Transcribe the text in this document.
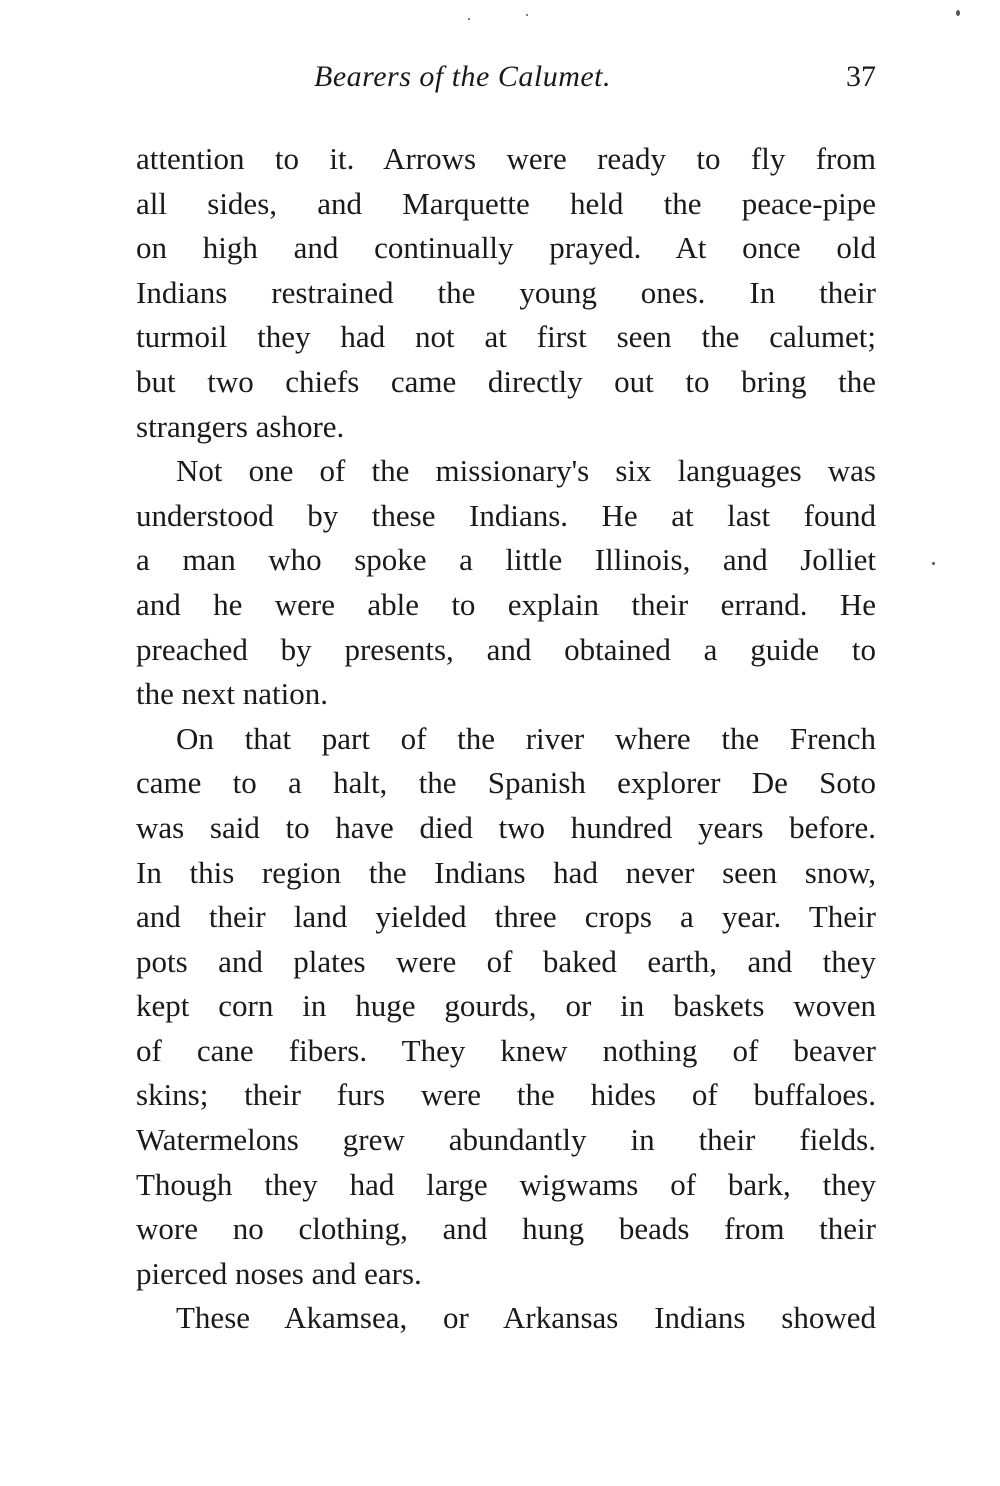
Bearers of the Calumet.	37
attention to it. Arrows were ready to fly from
all sides, and Marquette held the peace-pipe
on high and continually prayed. At once old
Indians restrained the young ones. In their
turmoil they had not at first seen the calumet;
but two chiefs came directly out to bring the
strangers ashore.
Not one of the missionary's six languages was
understood by these Indians. He at last found
a man who spoke a little Illinois, and Jolliet
and he were able to explain their errand. He
preached by presents, and obtained a guide to
the next nation.
On that part of the river where the French
came to a halt, the Spanish explorer De Soto
was said to have died two hundred years before.
In this region the Indians had never seen snow,
and their land yielded three crops a year. Their
pots and plates were of baked earth, and they
kept corn in huge gourds, or in baskets woven
of cane fibers. They knew nothing of beaver
skins; their furs were the hides of buffaloes.
Watermelons grew abundantly in their fields.
Though they had large wigwams of bark, they
wore no clothing, and hung beads from their
pierced noses and ears.
These Akamsea, or Arkansas Indians showed
